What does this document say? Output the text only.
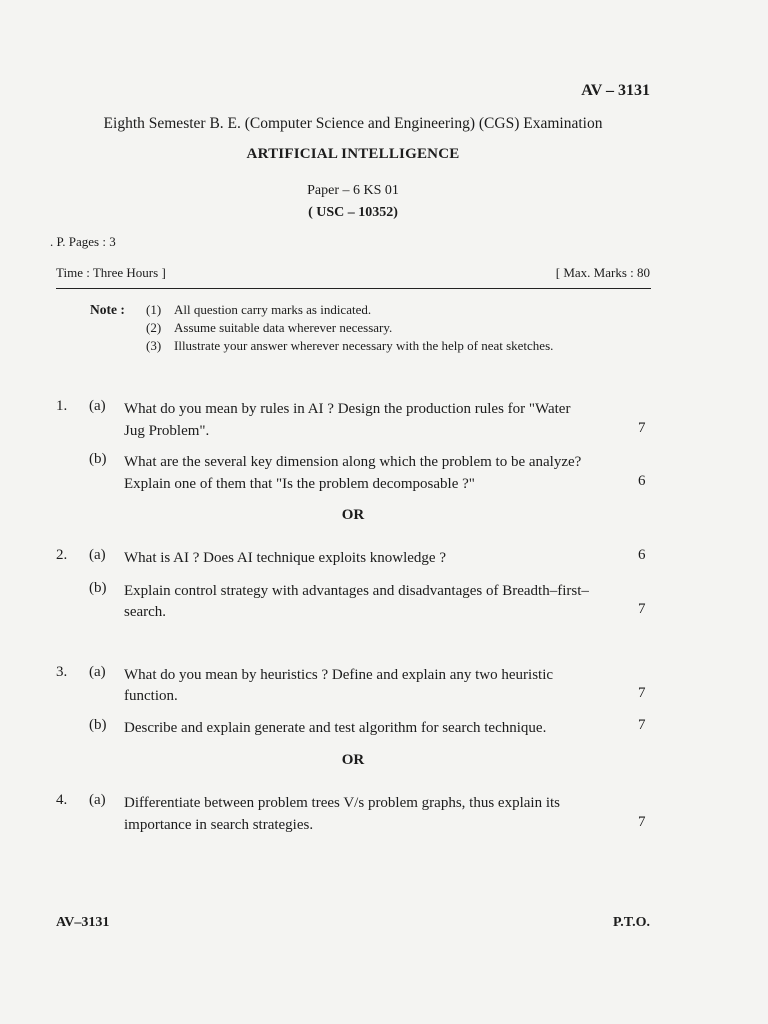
AV – 3131
Eighth Semester B. E. (Computer Science and Engineering) (CGS) Examination
ARTIFICIAL INTELLIGENCE
Paper – 6 KS 01
( USC – 10352)
. P. Pages : 3
Time : Three Hours ]	[ Max. Marks : 80
Note : (1) All question carry marks as indicated.
(2) Assume suitable data wherever necessary.
(3) Illustrate your answer wherever necessary with the help of neat sketches.
1. (a) What do you mean by rules in AI ? Design the production rules for "Water
Jug Problem".	7
(b) What are the several key dimension along which the problem to be analyze?
Explain one of them that "Is the problem decomposable ?"	6
OR
2. (a) What is AI ? Does AI technique exploits knowledge ?	6
(b) Explain control strategy with advantages and disadvantages of Breadth–first–
search.	7
3. (a) What do you mean by heuristics ? Define and explain any two heuristic
function.	7
(b) Describe and explain generate and test algorithm for search technique.	7
OR
4. (a) Differentiate between problem trees V/s problem graphs, thus explain its
importance in search strategies.	7
AV–3131	P.T.O.
